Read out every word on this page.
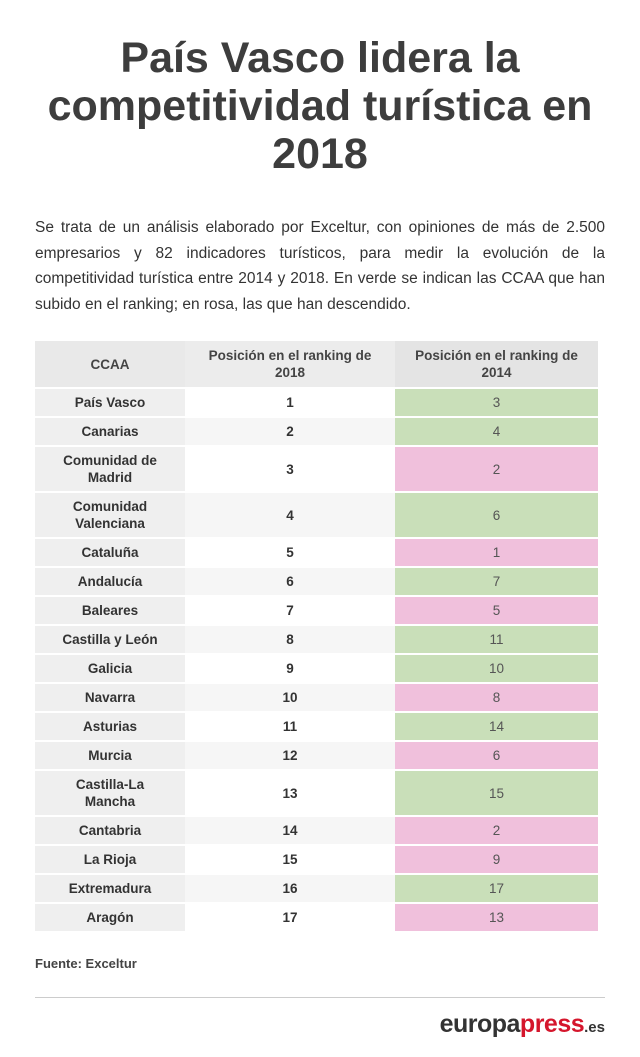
País Vasco lidera la competitividad turística en 2018

Se trata de un análisis elaborado por Exceltur, con opiniones de más de 2.500 empresarios y 82 indicadores turísticos, para medir la evolución de la competitividad turística entre 2014 y 2018. En verde se indican las CCAA que han subido en el ranking; en rosa, las que han descendido.

CCAA	Posición en el ranking de 2018	Posición en el ranking de 2014
País Vasco	1	3
Canarias	2	4
Comunidad de Madrid	3	2
Comunidad Valenciana	4	6
Cataluña	5	1
Andalucía	6	7
Baleares	7	5
Castilla y León	8	11
Galicia	9	10
Navarra	10	8
Asturias	11	14
Murcia	12	6
Castilla-La Mancha	13	15
Cantabria	14	2
La Rioja	15	9
Extremadura	16	17
Aragón	17	13
Fuente: Exceltur
europapress.es
